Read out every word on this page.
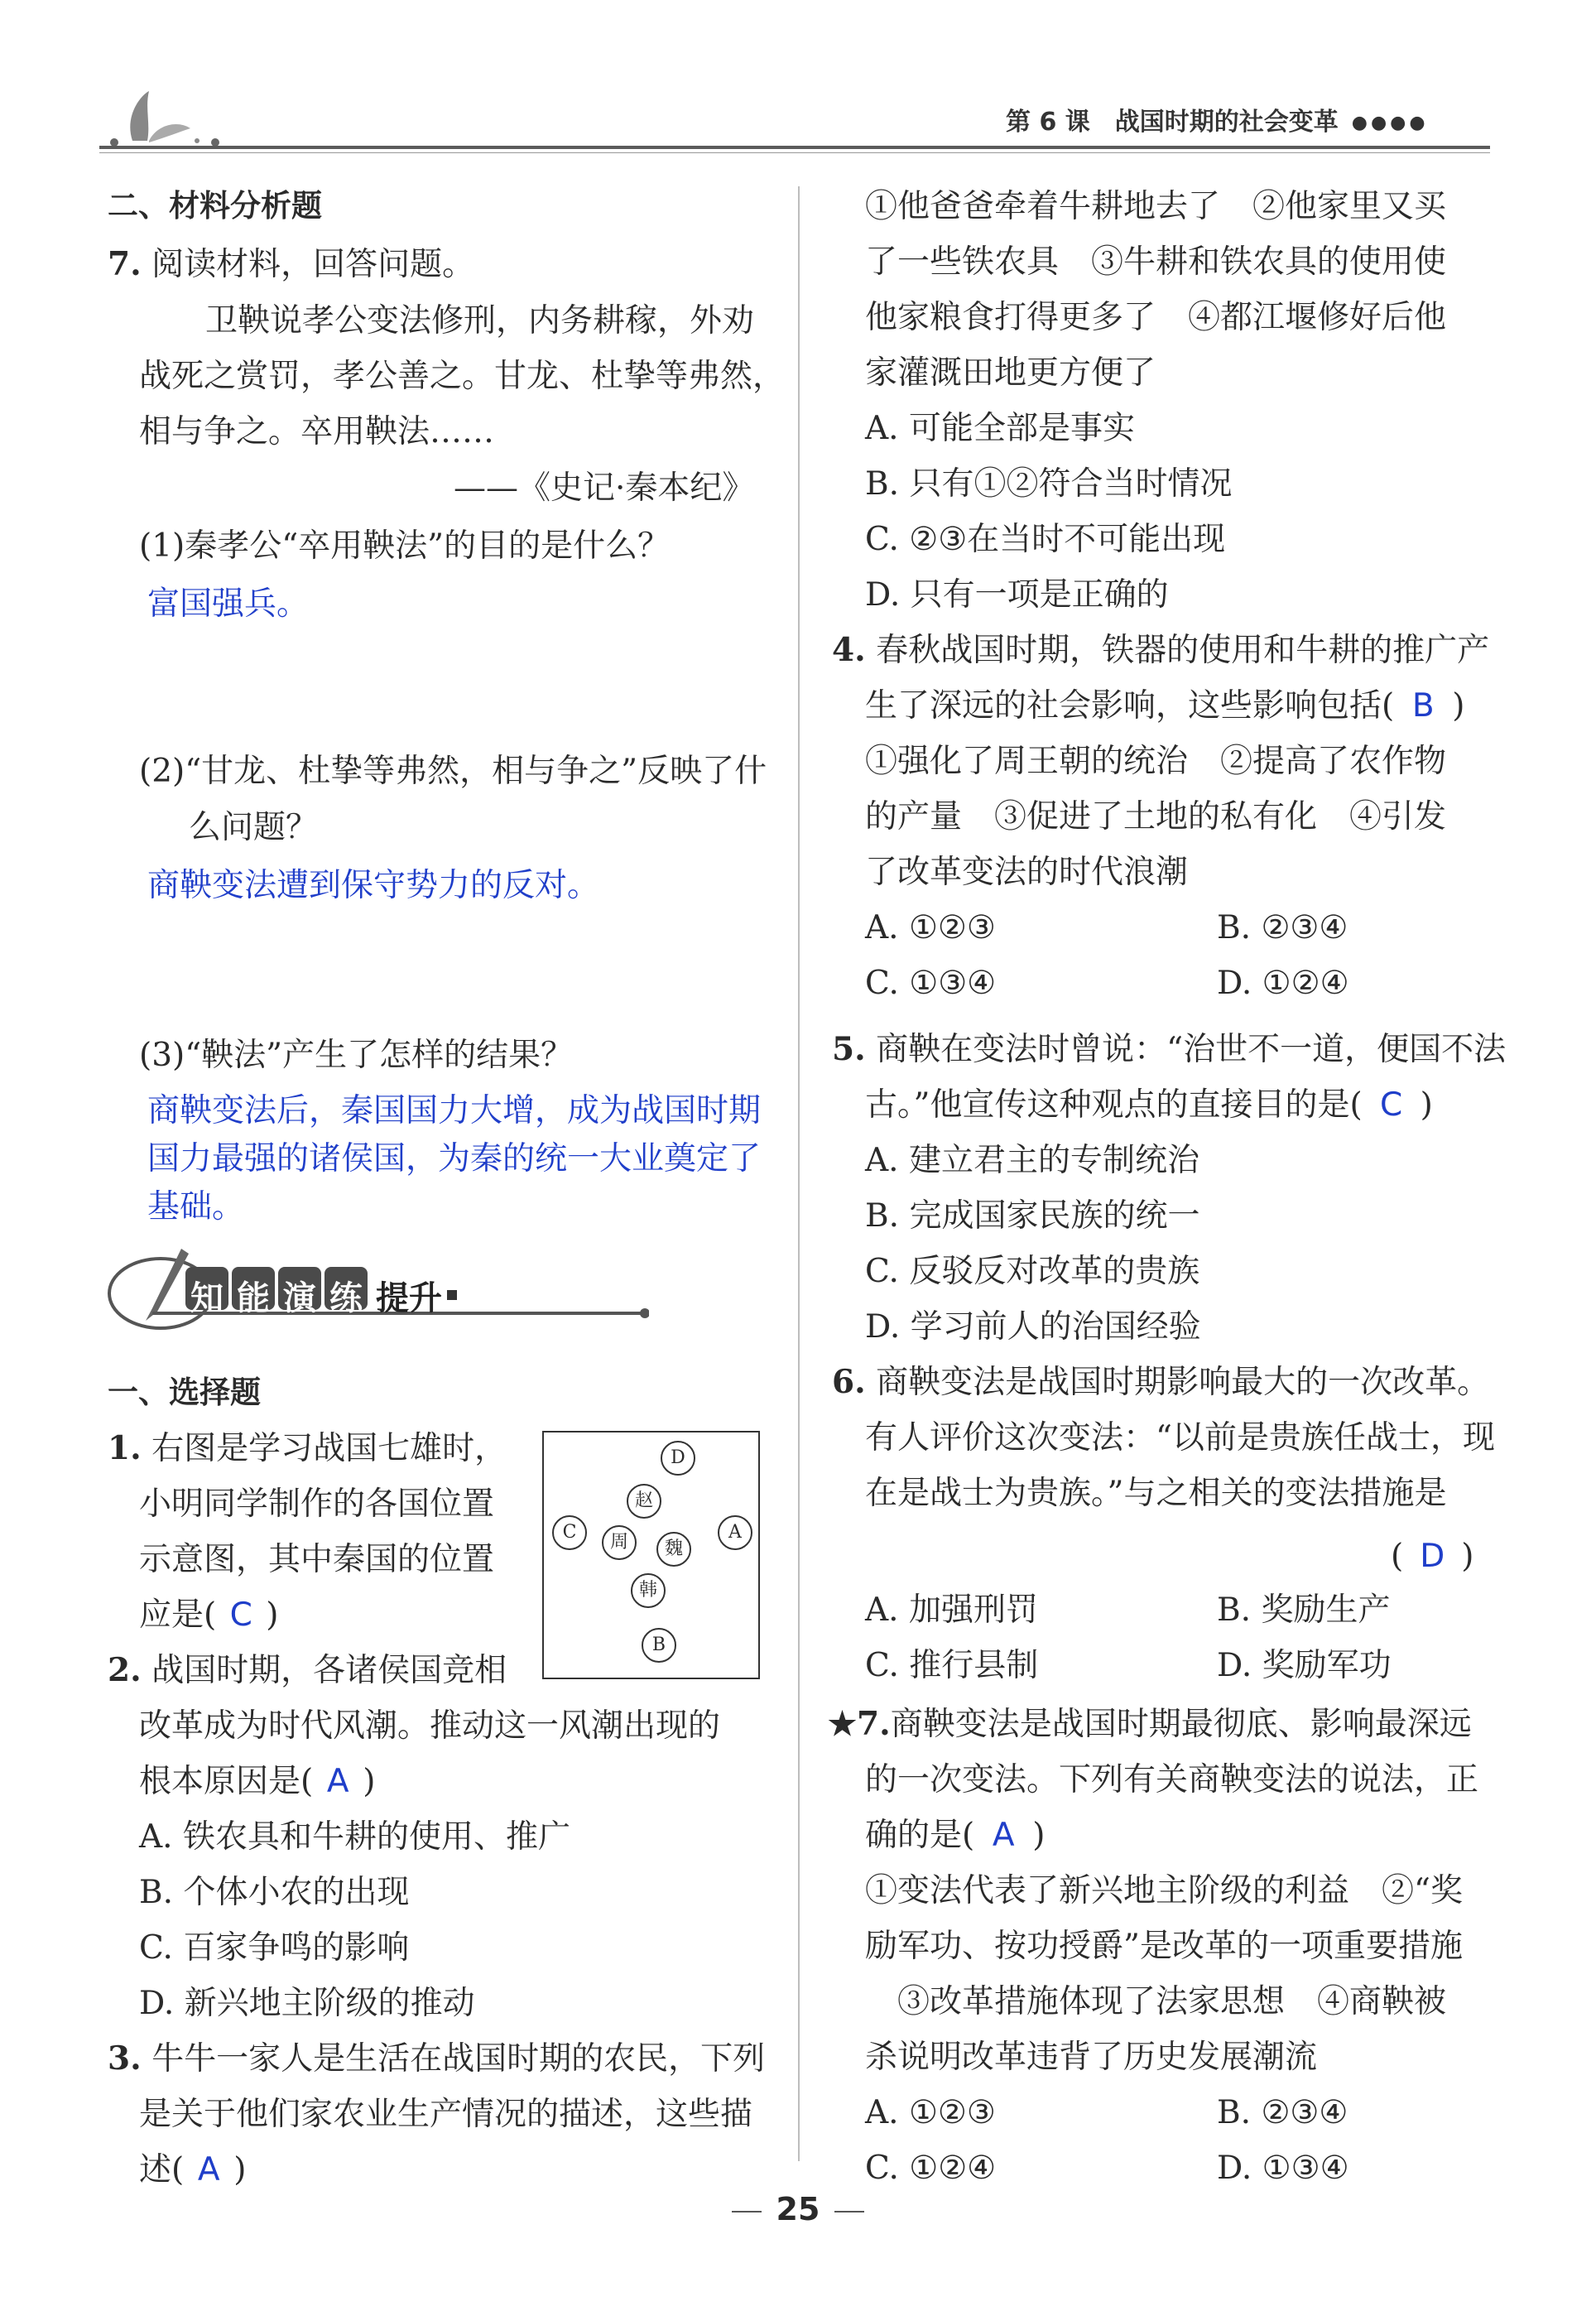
第 6 课 战国时期的社会变革 ●●●●
二、材料分析题
7. 阅读材料，回答问题。
卫鞅说孝公变法修刑，内务耕稼，外劝
战死之赏罚，孝公善之。甘龙、杜挚等弗然，
相与争之。卒用鞅法……
——《史记·秦本纪》
(1)秦孝公“卒用鞅法”的目的是什么？
富国强兵。
(2)“甘龙、杜挚等弗然，相与争之”反映了什
么问题？
商鞅变法遭到保守势力的反对。
(3)“鞅法”产生了怎样的结果？
商鞅变法后，秦国国力大增，成为战国时期
国力最强的诸侯国，为秦的统一大业奠定了
基础。
知能演练 提升
一、选择题
1. 右图是学习战国七雄时，
小明同学制作的各国位置
示意图，其中秦国的位置
应是( C )
D
赵
C	周	魏
A
韩
B
2. 战国时期，各诸侯国竞相
改革成为时代风潮。推动这一风潮出现的
根本原因是( A )
A. 铁农具和牛耕的使用、推广
B. 个体小农的出现
C. 百家争鸣的影响
D. 新兴地主阶级的推动
3. 牛牛一家人是生活在战国时期的农民，下列
是关于他们家农业生产情况的描述，这些描
述( A )
①他爸爸牵着牛耕地去了　②他家里又买
了一些铁农具　③牛耕和铁农具的使用使
他家粮食打得更多了　④都江堰修好后他
家灌溉田地更方便了
A. 可能全部是事实
B. 只有①②符合当时情况
C. ②③在当时不可能出现
D. 只有一项是正确的
4. 春秋战国时期，铁器的使用和牛耕的推广产
生了深远的社会影响，这些影响包括( B )
①强化了周王朝的统治　②提高了农作物
的产量　③促进了土地的私有化　④引发
了改革变法的时代浪潮
A. ①②③	B. ②③④
C. ①③④	D. ①②④
5. 商鞅在变法时曾说：“治世不一道，便国不法
古。”他宣传这种观点的直接目的是( C )
A. 建立君主的专制统治
B. 完成国家民族的统一
C. 反驳反对改革的贵族
D. 学习前人的治国经验
6. 商鞅变法是战国时期影响最大的一次改革。
有人评价这次变法：“以前是贵族任战士，现
在是战士为贵族。”与之相关的变法措施是
( D )
A. 加强刑罚	B. 奖励生产
C. 推行县制	D. 奖励军功
★7.商鞅变法是战国时期最彻底、影响最深远
的一次变法。下列有关商鞅变法的说法，正
确的是( A )
①变法代表了新兴地主阶级的利益　②“奖
励军功、按功授爵”是改革的一项重要措施
　③改革措施体现了法家思想　④商鞅被
杀说明改革违背了历史发展潮流
A. ①②③	B. ②③④
C. ①②④	D. ①③④
25
